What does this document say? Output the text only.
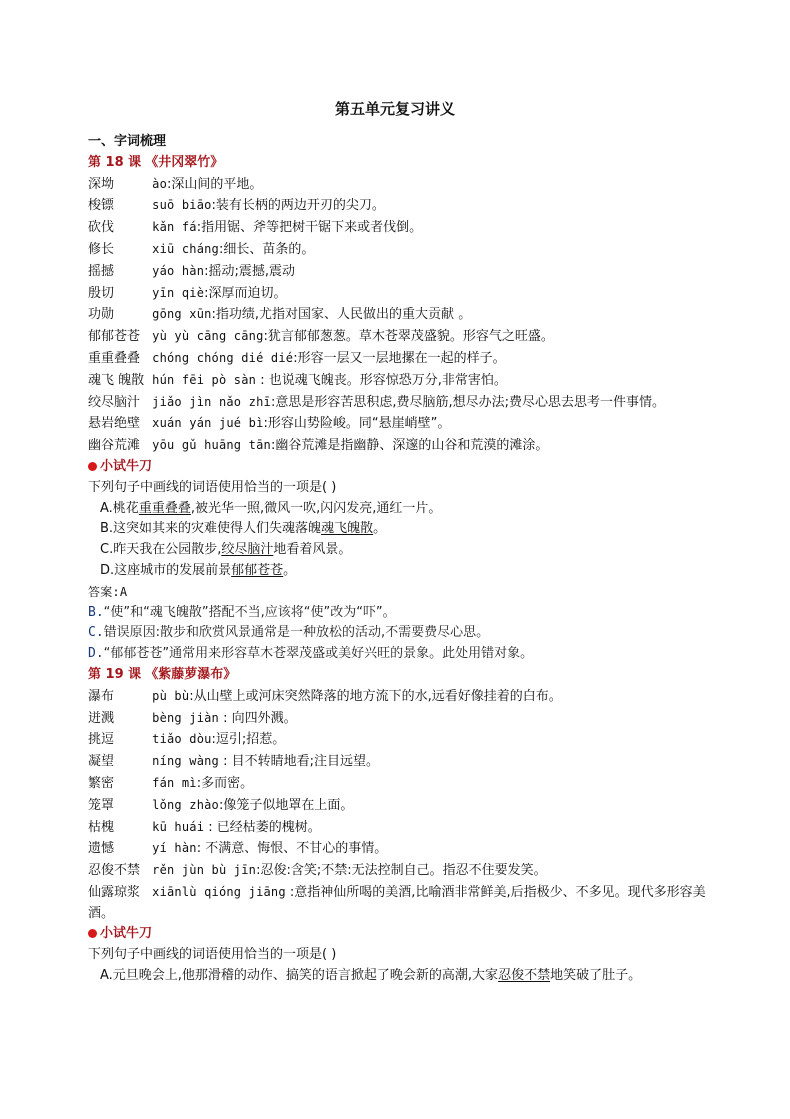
第五单元复习讲义
一、字词梳理
第 18 课 《井冈翠竹》
深坳	ào:深山间的平地。
梭镖	suō biāo:装有长柄的两边开刃的尖刀。
砍伐	kǎn fá:指用锯、斧等把树干锯下来或者伐倒。
修长	xiū cháng:细长、苗条的。
摇撼	yáo hàn:摇动;震撼,震动
殷切	yīn qiè:深厚而迫切。
功勋	gōng xūn:指功绩,尤指对国家、人民做出的重大贡献 。
郁郁苍苍 yù yù cāng cāng:犹言郁郁葱葱。草木苍翠茂盛貌。形容气之旺盛。
重重叠叠 chóng chóng dié dié:形容一层又一层地摞在一起的样子。
魂飞 魄散 hún fēi pò sàn : 也说魂飞魄丧。形容惊恐万分,非常害怕。
绞尽脑汁 jiǎo jìn nǎo zhī:意思是形容苦思积虑,费尽脑筋,想尽办法;费尽心思去思考一件事情。
悬岩绝壁 xuán yán jué bì:形容山势险峻。同“悬崖峭壁”。
幽谷荒滩 yōu gǔ huāng tān:幽谷荒滩是指幽静、深邃的山谷和荒漠的滩涂。
小试牛刀
下列句子中画线的词语使用恰当的一项是( )
A.桃花重重叠叠,被光华一照,微风一吹,闪闪发亮,通红一片。
B.这突如其来的灾难使得人们失魂落魄魂飞魄散。
C.昨天我在公园散步,绞尽脑汁地看着风景。
D.这座城市的发展前景郁郁苍苍。
答案:A
B.“使”和“魂飞魄散”搭配不当,应该将“使”改为“吓”。
C.错误原因:散步和欣赏风景通常是一种放松的活动,不需要费尽心思。
D.“郁郁苍苍”通常用来形容草木苍翠茂盛或美好兴旺的景象。此处用错对象。
第 19 课 《紫藤萝瀑布》
瀑布	pù bù:从山壁上或河床突然降落的地方流下的水,远看好像挂着的白布。
迸溅	bèng jiàn : 向四外溅。
挑逗	tiǎo dòu:逗引;招惹。
凝望	níng wàng : 目不转睛地看;注目远望。
繁密	fán mì:多而密。
笼罩	lǒng zhào:像笼子似地罩在上面。
枯槐	kū huái : 已经枯萎的槐树。
遗憾	yí hàn: 不满意、悔恨、不甘心的事情。
忍俊不禁 rěn jùn bù jīn:忍俊:含笑;不禁:无法控制自己。指忍不住要发笑。
仙露琼浆 xiānlù qióng jiāng :意指神仙所喝的美酒,比喻酒非常鲜美,后指极少、不多见。现代多形容美酒。
小试牛刀
下列句子中画线的词语使用恰当的一项是( )
A.元旦晚会上,他那滑稽的动作、搞笑的语言掀起了晚会新的高潮,大家忍俊不禁地笑破了肚子。
